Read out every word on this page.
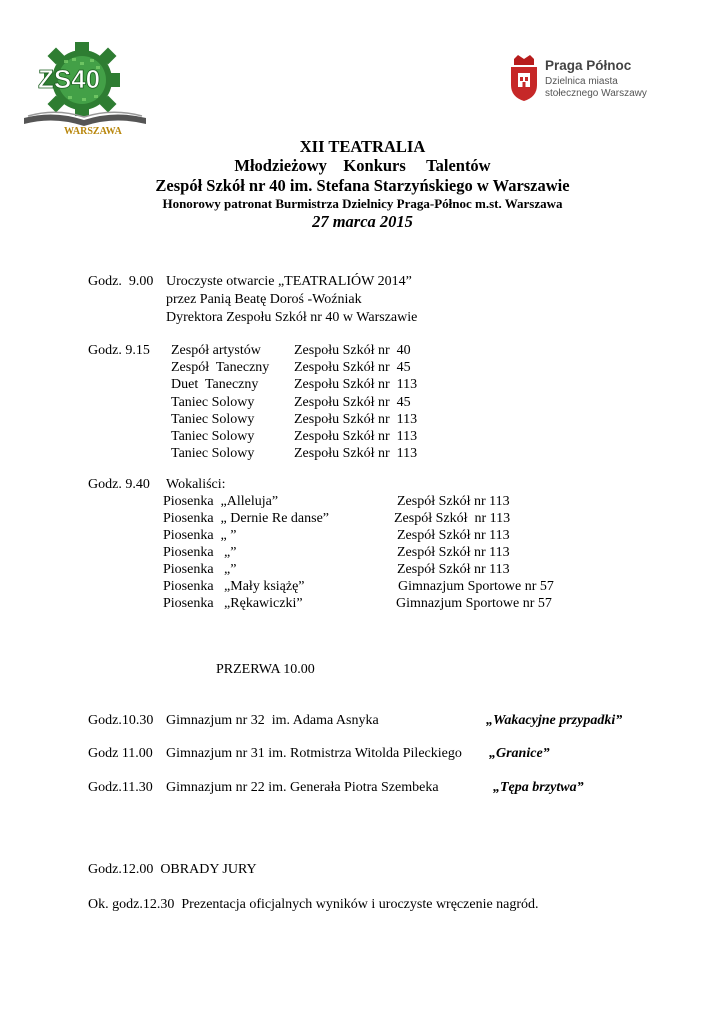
ZS40
WARSZAWA
Praga Północ
Dzielnica miasta
stołecznego Warszawy
XII TEATRALIA
Młodzieżowy    Konkurs     Talentów
Zespół Szkół nr 40 im. Stefana Starzyńskiego w Warszawie
Honorowy patronat Burmistrza Dzielnicy Praga-Północ m.st. Warszawa
27 marca 2015
Godz.  9.00 Uroczyste otwarcie „TEATRALIÓW 2014”
przez Panią Beatę Doroś -Woźniak
Dyrektora Zespołu Szkół nr 40 w Warszawie
Godz. 9.15 Zespół artystów Zespołu Szkół nr  40
Zespół  Taneczny Zespołu Szkół nr  45
Duet  Taneczny	Zespołu Szkół nr  113
Taniec Solowy	Zespołu Szkół nr  45
Taniec Solowy	Zespołu Szkół nr  113
Taniec Solowy	Zespołu Szkół nr  113
Taniec Solowy	Zespołu Szkół nr  113
Godz. 9.40 Wokaliści:
Piosenka  „Alleluja”	Zespół Szkół nr 113
Piosenka  „ Dernie Re danse”	Zespół Szkół  nr 113
Piosenka  „ ”	Zespół Szkół nr 113
Piosenka   „”	Zespół Szkół nr 113
Piosenka   „”	Zespół Szkół nr 113
Piosenka   „Mały książę”	Gimnazjum Sportowe nr 57
Piosenka   „Rękawiczki”	Gimnazjum Sportowe nr 57
PRZERWA 10.00
Godz.10.30 Gimnazjum nr 32  im. Adama Asnyka	„Wakacyjne przypadki”
Godz 11.00 Gimnazjum nr 31 im. Rotmistrza Witolda Pileckiego „Granice”
Godz.11.30 Gimnazjum nr 22 im. Generała Piotra Szembeka	„Tępa brzytwa”
Godz.12.00  OBRADY JURY
Ok. godz.12.30  Prezentacja oficjalnych wyników i uroczyste wręczenie nagród.
